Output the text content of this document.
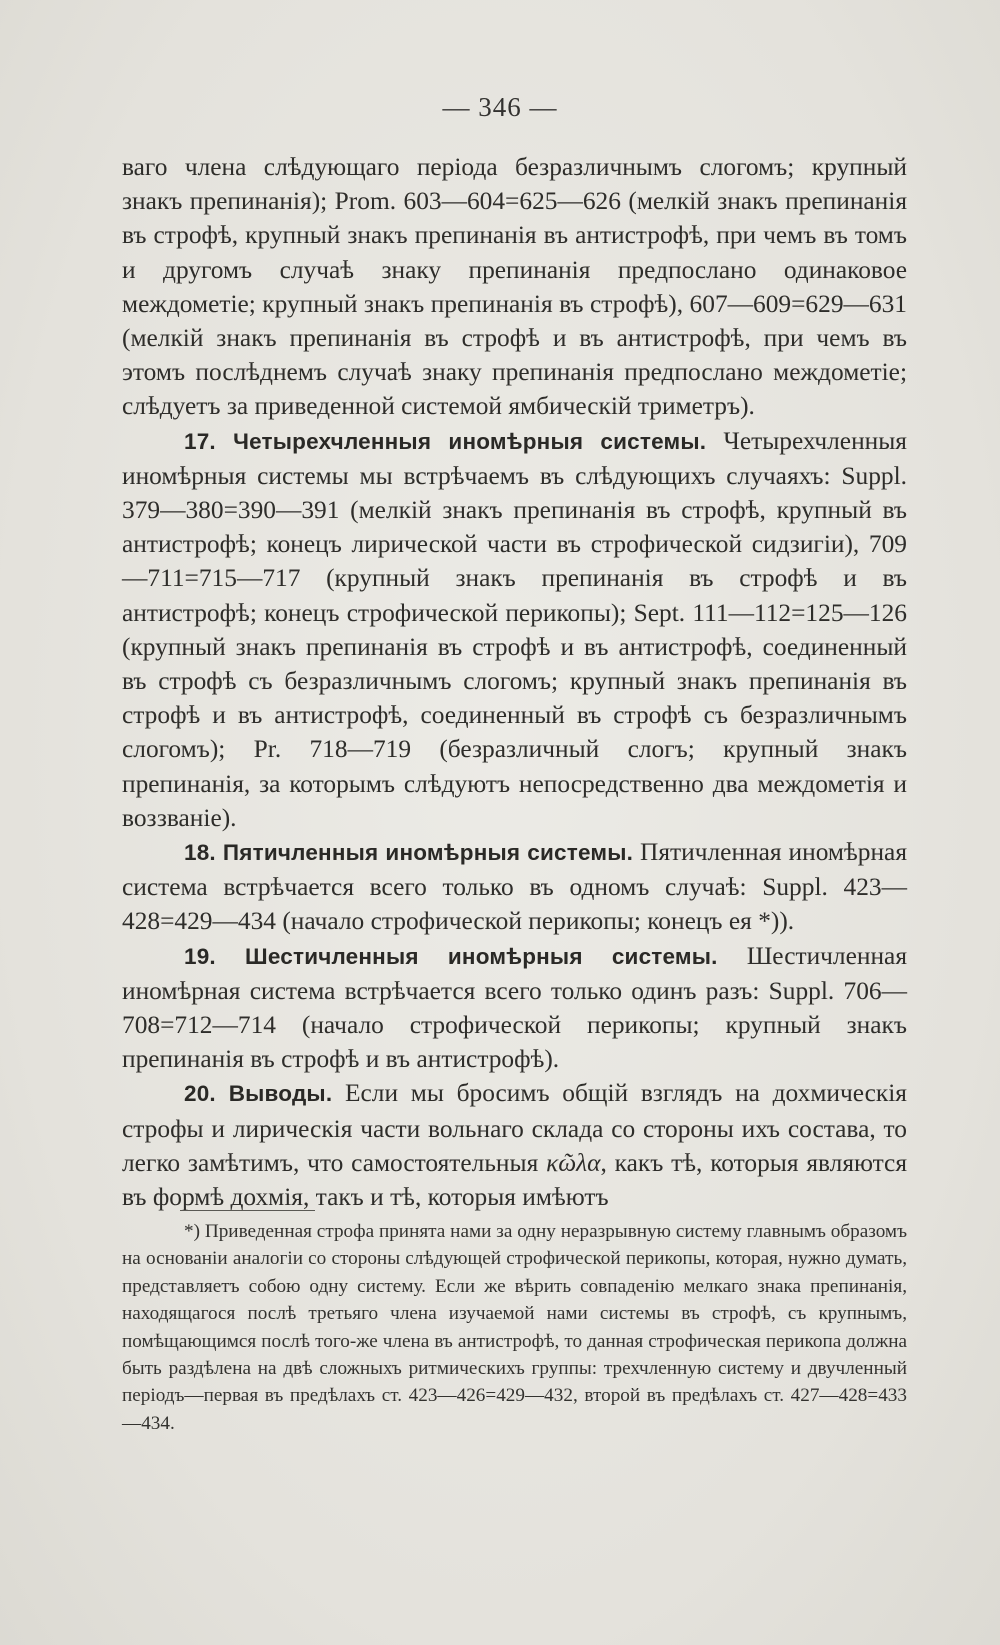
— 346 —

ваго члена слѣдующаго періода безразличнымъ слогомъ; крупный знакъ препинанія); Prom. 603—604=625—626 (мелкій знакъ препинанія въ строфѣ, крупный знакъ препинанія въ антистрофѣ, при чемъ въ томъ и другомъ случаѣ знаку препинанія предпослано одинаковое междометіе; крупный знакъ препинанія въ строфѣ), 607—609=629—631 (мелкій знакъ препинанія въ строфѣ и въ антистрофѣ, при чемъ въ этомъ послѣднемъ случаѣ знаку препинанія предпослано междометіе; слѣдуетъ за приведенной системой ямбическій триметръ).

17. Четырехчленныя иномѣрныя системы. Четырехчленныя иномѣрныя системы мы встрѣчаемъ въ слѣдующихъ случаяхъ: Suppl. 379—380=390—391 (мелкій знакъ препинанія въ строфѣ, крупный въ антистрофѣ; конецъ лирической части въ строфической сидзигіи), 709—711=715—717 (крупный знакъ препинанія въ строфѣ и въ антистрофѣ; конецъ строфической перикопы); Sept. 111—112=125—126 (крупный знакъ препинанія въ строфѣ и въ антистрофѣ, соединенный въ строфѣ съ безразличнымъ слогомъ; крупный знакъ препинанія въ строфѣ и въ антистрофѣ, соединенный въ строфѣ съ безразличнымъ слогомъ); Pr. 718—719 (безразличный слогъ; крупный знакъ препинанія, за которымъ слѣдуютъ непосредственно два междометія и воззваніе).

18. Пятичленныя иномѣрныя системы. Пятичленная иномѣрная система встрѣчается всего только въ одномъ случаѣ: Suppl. 423—428=429—434 (начало строфической перикопы; конецъ ея *)).

19. Шестичленныя иномѣрныя системы. Шестичленная иномѣрная система встрѣчается всего только одинъ разъ: Suppl. 706—708=712—714 (начало строфической перикопы; крупный знакъ препинанія въ строфѣ и въ антистрофѣ).

20. Выводы. Если мы бросимъ общій взглядъ на дохмическія строфы и лирическія части вольнаго склада со стороны ихъ состава, то легко замѣтимъ, что самостоятельныя κῶλα, какъ тѣ, которыя являются въ формѣ дохмія, такъ и тѣ, которыя имѣютъ

*) Приведенная строфа принята нами за одну неразрывную систему главнымъ образомъ на основаніи аналогіи со стороны слѣдующей строфической перикопы, которая, нужно думать, представляетъ собою одну систему. Если же вѣрить совпаденію мелкаго знака препинанія, находящагося послѣ третьяго члена изучаемой нами системы въ строфѣ, съ крупнымъ, помѣщающимся послѣ того-же члена въ антистрофѣ, то данная строфическая перикопа должна быть раздѣлена на двѣ сложныхъ ритмическихъ группы: трехчленную систему и двучленный періодъ—первая въ предѣлахъ ст. 423—426=429—432, второй въ предѣлахъ ст. 427—428=433—434.
